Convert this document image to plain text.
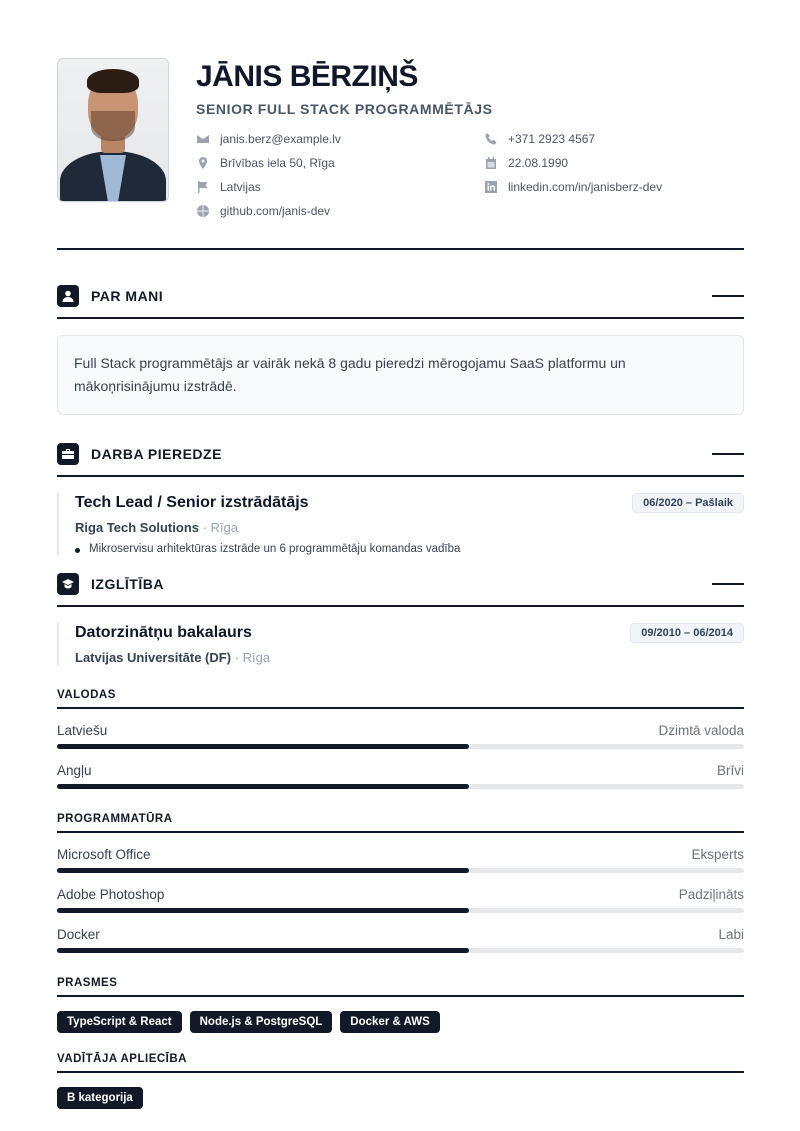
JĀNIS BĒRZIŅŠ
SENIOR FULL STACK PROGRAMMĒTĀJS
janis.berz@example.lv	+371 2923 4567
Brīvības iela 50, Rīga	22.08.1990
Latvijas	linkedin.com/in/janisberz-dev
github.com/janis-dev
PAR MANI
Full Stack programmētājs ar vairāk nekā 8 gadu pieredzi mērogojamu SaaS platformu un mākoņrisinājumu izstrādē.
DARBA PIEREDZE
Tech Lead / Senior izstrādātājs	06/2020 – Pašlaik
Riga Tech Solutions · Rīga
Mikroservisu arhitektūras izstrāde un 6 programmētāju komandas vadība
IZGLĪTĪBA
Datorzinātņu bakalaurs	09/2010 – 06/2014
Latvijas Universitāte (DF) · Rīga
VALODAS
Latviešu	Dzimtā valoda
Angļu	Brīvi
PROGRAMMATŪRA
Microsoft Office	Eksperts
Adobe Photoshop	Padziļināts
Docker	Labi
PRASMES
TypeScript & React	Node.js & PostgreSQL	Docker & AWS
VADĪTĀJA APLIECĪBA
B kategorija
